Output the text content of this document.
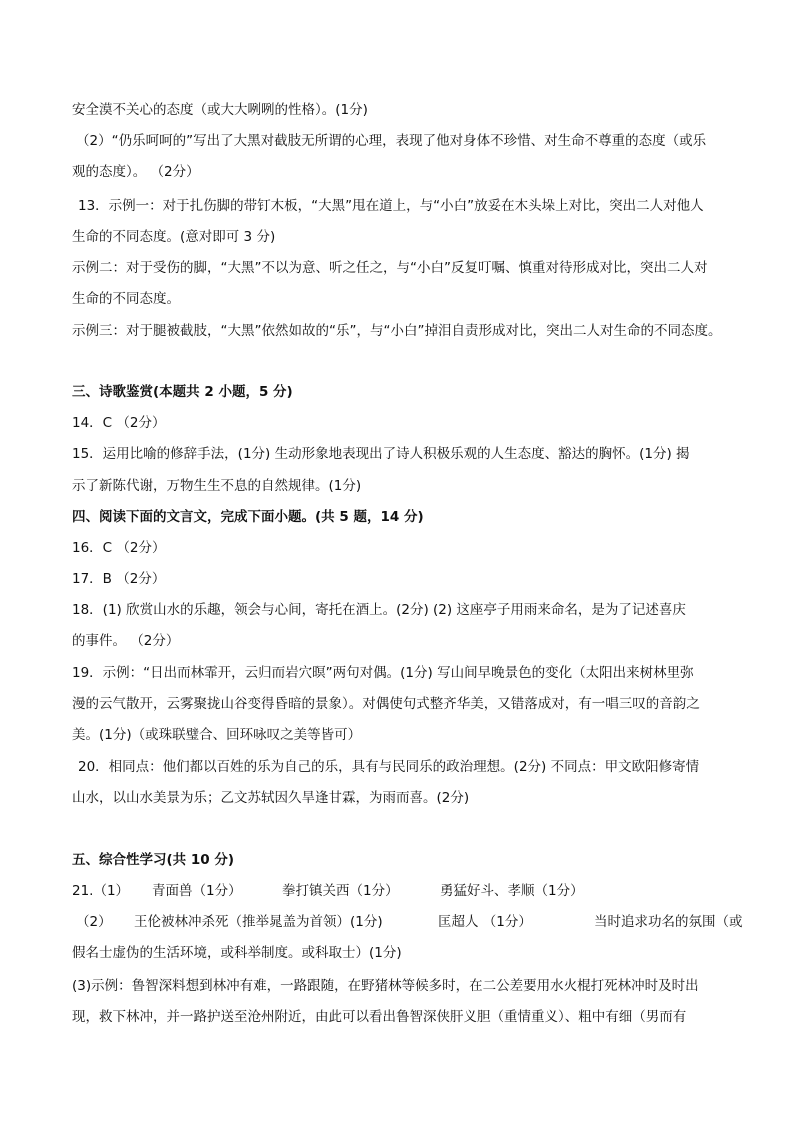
安全漠不关心的态度（或大大咧咧的性格）。(1分)
（2）“仍乐呵呵的”写出了大黑对截肢无所谓的心理，表现了他对身体不珍惜、对生命不尊重的态度（或乐
观的态度）。 （2分）
13．示例一：对于扎伤脚的带钉木板，“大黑”甩在道上，与“小白”放妥在木头垛上对比，突出二人对他人
生命的不同态度。(意对即可 3 分)
示例二：对于受伤的脚，“大黑”不以为意、听之任之，与“小白”反复叮嘱、慎重对待形成对比，突出二人对
生命的不同态度。
示例三：对于腿被截肢，“大黑”依然如故的“乐”，与“小白”掉泪自责形成对比，突出二人对生命的不同态度。
三、诗歌鉴赏(本题共 2 小题，5 分)
14．C （2分）
15．运用比喻的修辞手法，(1分) 生动形象地表现出了诗人积极乐观的人生态度、豁达的胸怀。(1分) 揭
示了新陈代谢，万物生生不息的自然规律。(1分)
四、阅读下面的文言文，完成下面小题。(共 5 题，14 分)
16．C （2分）
17．B （2分）
18．(1) 欣赏山水的乐趣，领会与心间，寄托在酒上。(2分) (2) 这座亭子用雨来命名，是为了记述喜庆
的事件。 （2分）
19．示例：“日出而林霏开，云归而岩穴暝”两句对偶。(1分) 写山间早晚景色的变化（太阳出来树林里弥
漫的云气散开，云雾聚拢山谷变得昏暗的景象）。对偶使句式整齐华美，又错落成对，有一唱三叹的音韵之
美。(1分)（或珠联璧合、回环咏叹之美等皆可）
20．相同点：他们都以百姓的乐为自己的乐，具有与民同乐的政治理想。(2分) 不同点：甲文欧阳修寄情
山水，以山水美景为乐；乙文苏轼因久旱逢甘霖，为雨而喜。(2分)
五、综合性学习(共 10 分)
21.（1） 青面兽（1分）	拳打镇关西（1分）	勇猛好斗、孝顺（1分）
（2） 王伦被林冲杀死（推举晁盖为首领）(1分)	匡超人 （1分）	当时追求功名的氛围（或
假名士虚伪的生活环境，或科举制度。或科取士）(1分)
(3)示例：鲁智深料想到林冲有难，一路跟随，在野猪林等候多时，在二公差要用水火棍打死林冲时及时出
现，救下林冲，并一路护送至沧州附近，由此可以看出鲁智深侠肝义胆（重情重义）、粗中有细（男而有
